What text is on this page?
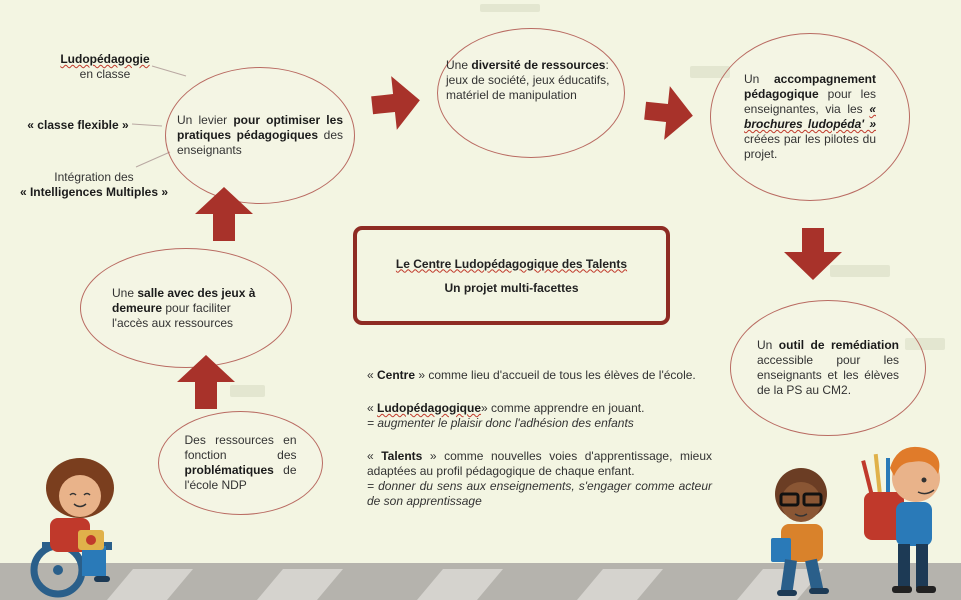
Ludopédagogie
en classe
« classe flexible »
Intégration des
« Intelligences Multiples »
Un levier pour optimiser les pratiques pédagogiques des enseignants
Une diversité de ressources: jeux de société, jeux éducatifs, matériel de manipulation
Un accompagnement pédagogique pour les enseignantes, via les « brochures ludopéda' » créées par les pilotes du projet.
Une salle avec des jeux à demeure pour faciliter l'accès aux ressources
Un outil de remédiation accessible pour les enseignants et les élèves de la PS au CM2.
Des ressources en fonction des problématiques de l'école NDP
Le Centre Ludopédagogique des Talents
Un projet multi-facettes
« Centre » comme lieu d'accueil de tous les élèves de l'école.
« Ludopédagogique» comme apprendre en jouant.
= augmenter le plaisir donc l'adhésion des enfants
« Talents » comme nouvelles voies d'apprentissage, mieux adaptées au profil pédagogique de chaque enfant.
= donner du sens aux enseignements, s'engager comme acteur de son apprentissage
